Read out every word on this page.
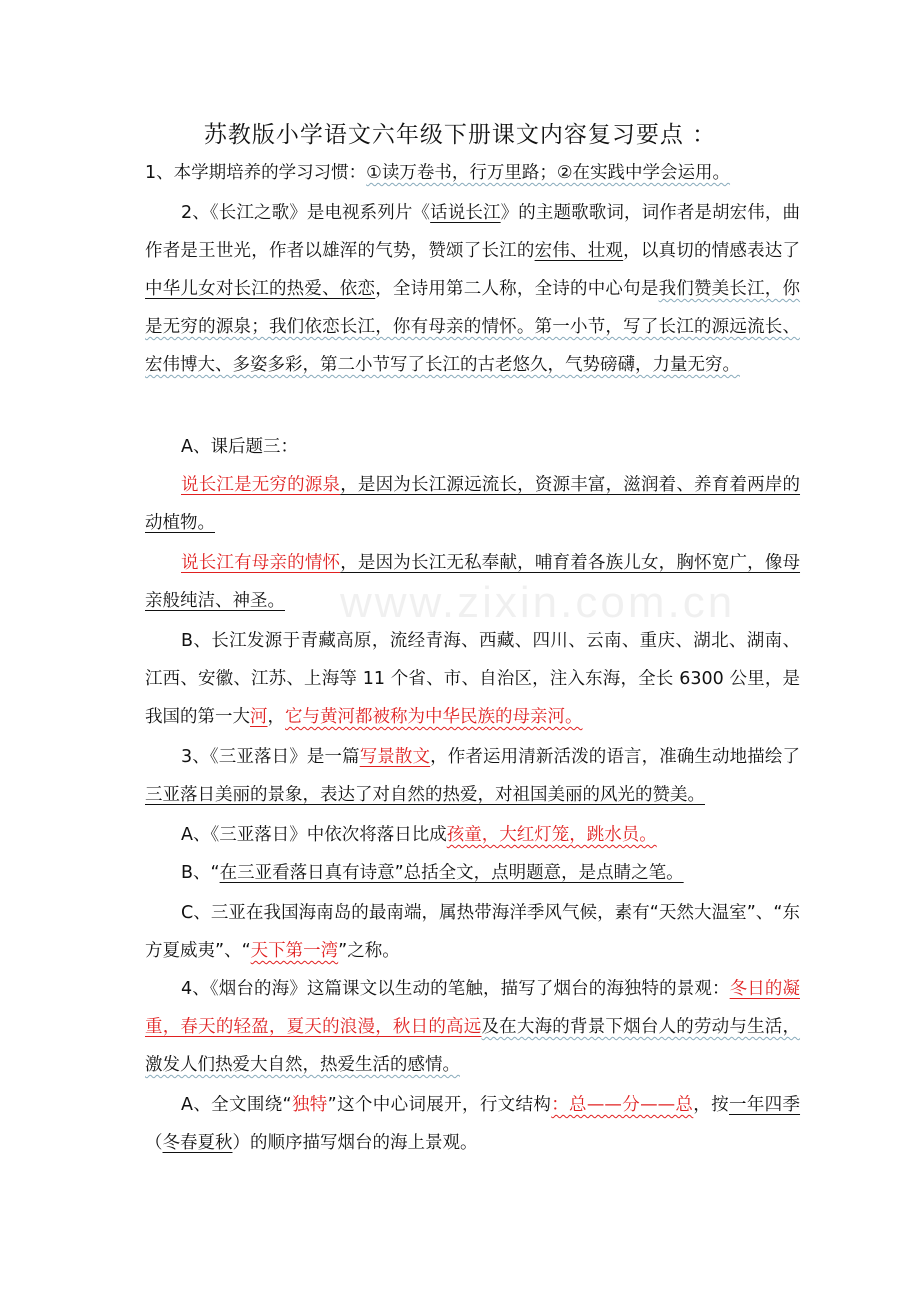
www.zixin.com.cn
苏教版小学语文六年级下册课文内容复习要点 ：
1、本学期培养的学习习惯：①读万卷书，行万里路；②在实践中学会运用。
2、《长江之歌》是电视系列片《话说长江》的主题歌歌词，词作者是胡宏伟，曲作者是王世光，作者以雄浑的气势，赞颂了长江的宏伟、壮观，以真切的情感表达了中华儿女对长江的热爱、依恋，全诗用第二人称，全诗的中心句是我们赞美长江，你是无穷的源泉；我们依恋长江，你有母亲的情怀。第一小节，写了长江的源远流长、宏伟博大、多姿多彩，第二小节写了长江的古老悠久，气势磅礴，力量无穷。
A、课后题三：
说长江是无穷的源泉，是因为长江源远流长，资源丰富，滋润着、养育着两岸的动植物。
说长江有母亲的情怀，是因为长江无私奉献，哺育着各族儿女，胸怀宽广，像母亲般纯洁、神圣。
B、长江发源于青藏高原，流经青海、西藏、四川、云南、重庆、湖北、湖南、江西、安徽、江苏、上海等 11 个省、市、自治区，注入东海，全长 6300 公里，是我国的第一大河，它与黄河都被称为中华民族的母亲河。
3、《三亚落日》是一篇写景散文，作者运用清新活泼的语言，准确生动地描绘了三亚落日美丽的景象，表达了对自然的热爱，对祖国美丽的风光的赞美。
A、《三亚落日》中依次将落日比成孩童，大红灯笼，跳水员。
B、“在三亚看落日真有诗意”总括全文，点明题意，是点睛之笔。
C、三亚在我国海南岛的最南端，属热带海洋季风气候，素有“天然大温室”、“东方夏威夷”、“天下第一湾”之称。
4、《烟台的海》这篇课文以生动的笔触，描写了烟台的海独特的景观：冬日的凝重，春天的轻盈，夏天的浪漫，秋日的高远及在大海的背景下烟台人的劳动与生活，激发人们热爱大自然，热爱生活的感情。
A、全文围绕“独特”这个中心词展开，行文结构：总——分——总，按一年四季（冬春夏秋）的顺序描写烟台的海上景观。
